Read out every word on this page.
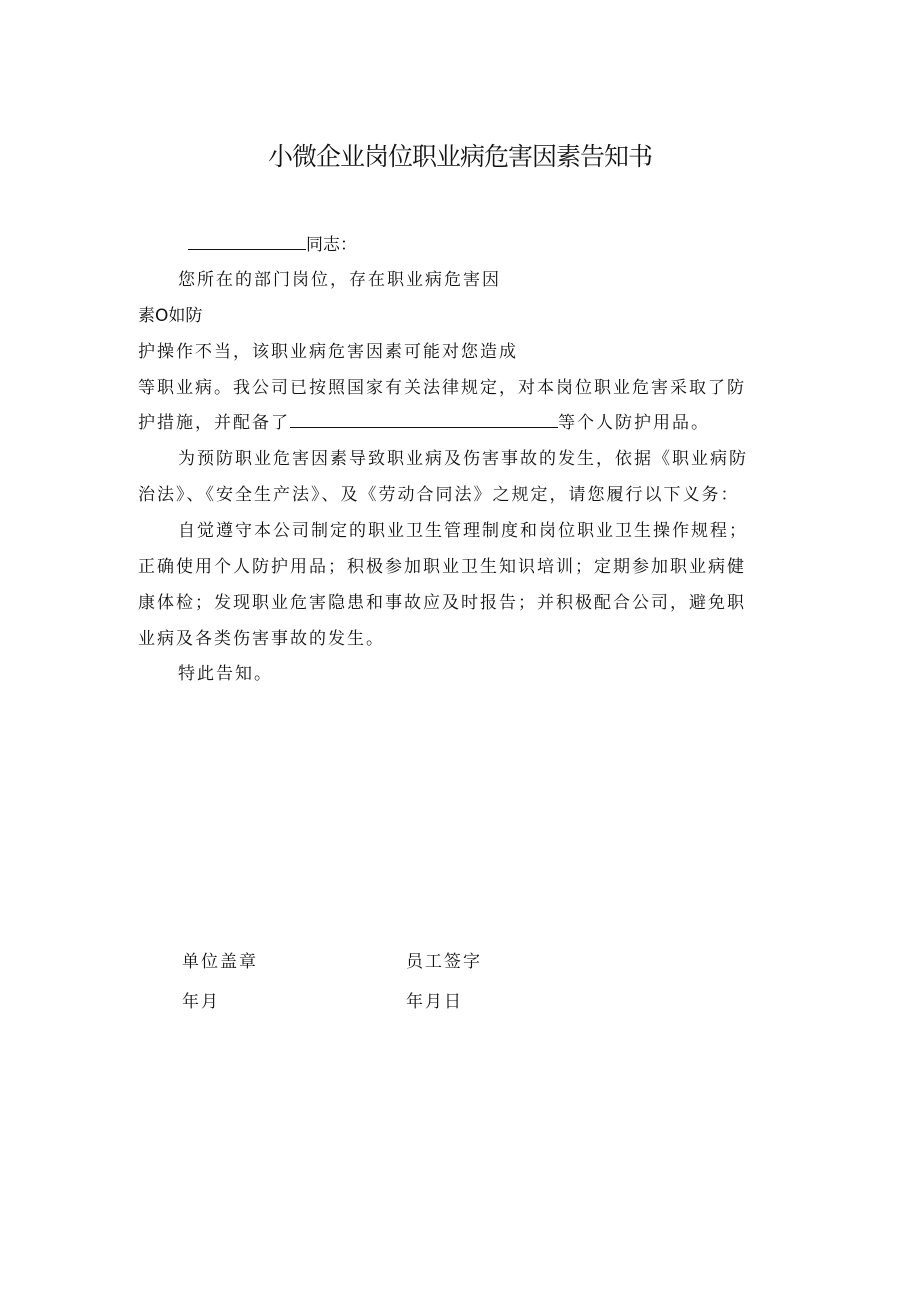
小微企业岗位职业病危害因素告知书

同志：

您所在的部门岗位，存在职业病危害因

素O如防

护操作不当，该职业病危害因素可能对您造成

等职业病。我公司已按照国家有关法律规定，对本岗位职业危害采取了防

护措施，并配备了	等个人防护用品。

为预防职业危害因素导致职业病及伤害事故的发生，依据《职业病防

治法》、《安全生产法》、及《劳动合同法》之规定，请您履行以下义务：

自觉遵守本公司制定的职业卫生管理制度和岗位职业卫生操作规程；

正确使用个人防护用品；积极参加职业卫生知识培训；定期参加职业病健

康体检；发现职业危害隐患和事故应及时报告；并积极配合公司，避免职

业病及各类伤害事故的发生。

特此告知。

单位盖章	员工签字

年月	年月日
